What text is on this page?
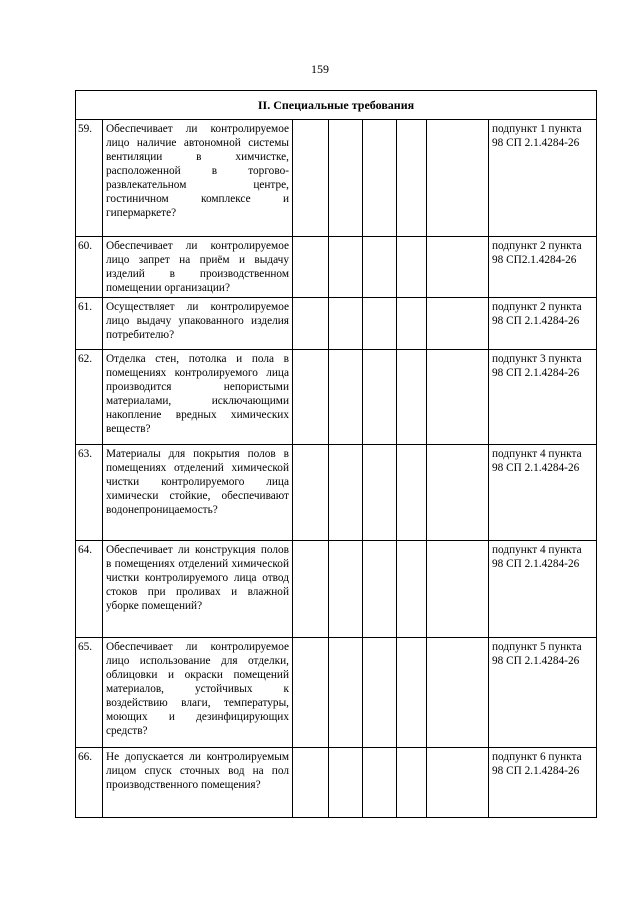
159
II. Специальные требования							
59.	Обеспечивает ли контролируемое лицо наличие автономной системы вентиляции в химчистке, расположенной в торгово-развлекательном центре, гостиничном комплексе и гипермаркете?						подпункт 1 пункта 98 СП 2.1.4284-26
60.	Обеспечивает ли контролируемое лицо запрет на приём и выдачу изделий в производственном помещении организации?						подпункт 2 пункта 98 СП2.1.4284-26
61.	Осуществляет ли контролируемое лицо выдачу упакованного изделия потребителю?						подпункт 2 пункта 98 СП 2.1.4284-26
62.	Отделка стен, потолка и пола в помещениях контролируемого лица производится непористыми материалами, исключающими накопление вредных химических веществ?						подпункт 3 пункта 98 СП 2.1.4284-26
63.	Материалы для покрытия полов в помещениях отделений химической чистки контролируемого лица химически стойкие, обеспечивают водонепроницаемость?						подпункт 4 пункта 98 СП 2.1.4284-26
64.	Обеспечивает ли конструкция полов в помещениях отделений химической чистки контролируемого лица отвод стоков при проливах и влажной уборке помещений?						подпункт 4 пункта 98 СП 2.1.4284-26
65.	Обеспечивает ли контролируемое лицо использование для отделки, облицовки и окраски помещений материалов, устойчивых к воздействию влаги, температуры, моющих и дезинфицирующих средств?						подпункт 5 пункта 98 СП 2.1.4284-26
66.	Не допускается ли контролируемым лицом спуск сточных вод на пол производственного помещения?						подпункт 6 пункта 98 СП 2.1.4284-26
